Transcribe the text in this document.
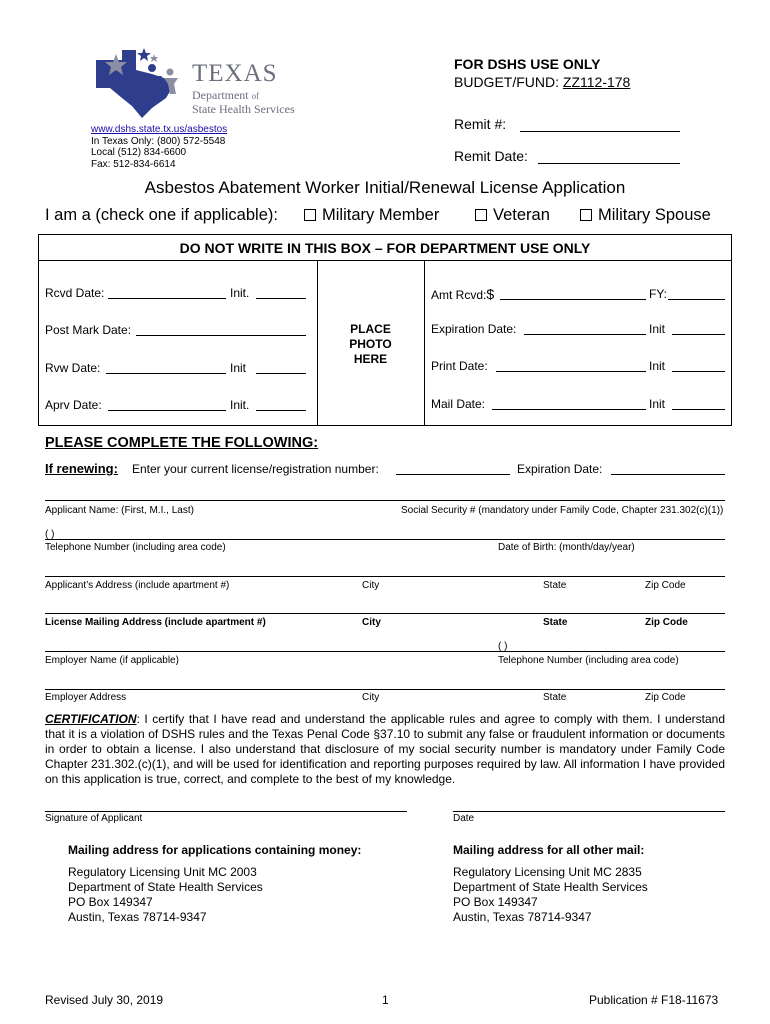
TEXAS
Department of
State Health Services
www.dshs.state.tx.us/asbestos
In Texas Only: (800) 572-5548
Local (512) 834-6600
Fax: 512-834-6614
FOR DSHS USE ONLY
BUDGET/FUND: ZZ112-178
Remit #:
Remit Date:
Asbestos Abatement Worker Initial/Renewal License Application
I am a (check one if applicable):	Military Member	Veteran	Military Spouse
DO NOT WRITE IN THIS BOX – FOR DEPARTMENT USE ONLY
Rcvd Date:	Init.
Post Mark Date:
Rvw Date:	Init
Aprv Date:	Init.
PLACE
PHOTO
HERE
Amt Rcvd:$	FY:
Expiration Date:	Init
Print Date:	Init
Mail Date:	Init
PLEASE COMPLETE THE FOLLOWING:
If renewing: Enter your current license/registration number:	Expiration Date:
Applicant Name: (First, M.I., Last)	Social Security # (mandatory under Family Code, Chapter 231.302(c)(1))
( )
Telephone Number (including area code)	Date of Birth: (month/day/year)
Applicant’s Address (include apartment #)	City	State	Zip Code
License Mailing Address (include apartment #)	City	State	Zip Code
( )
Employer Name (if applicable)	Telephone Number (including area code)
Employer Address	City	State	Zip Code
CERTIFICATION: I certify that I have read and understand the applicable rules and agree to comply with them. I understand that it is a violation of DSHS rules and the Texas Penal Code §37.10 to submit any false or fraudulent information or documents in order to obtain a license. I also understand that disclosure of my social security number is mandatory under Family Code Chapter 231.302.(c)(1), and will be used for identification and reporting purposes required by law. All information I have provided on this application is true, correct, and complete to the best of my knowledge.
Signature of Applicant	Date
Mailing address for applications containing money:
Regulatory Licensing Unit MC 2003
Department of State Health Services
PO Box 149347
Austin, Texas 78714-9347
Mailing address for all other mail:
Regulatory Licensing Unit MC 2835
Department of State Health Services
PO Box 149347
Austin, Texas 78714-9347
Revised July 30, 2019	1	Publication # F18-11673
